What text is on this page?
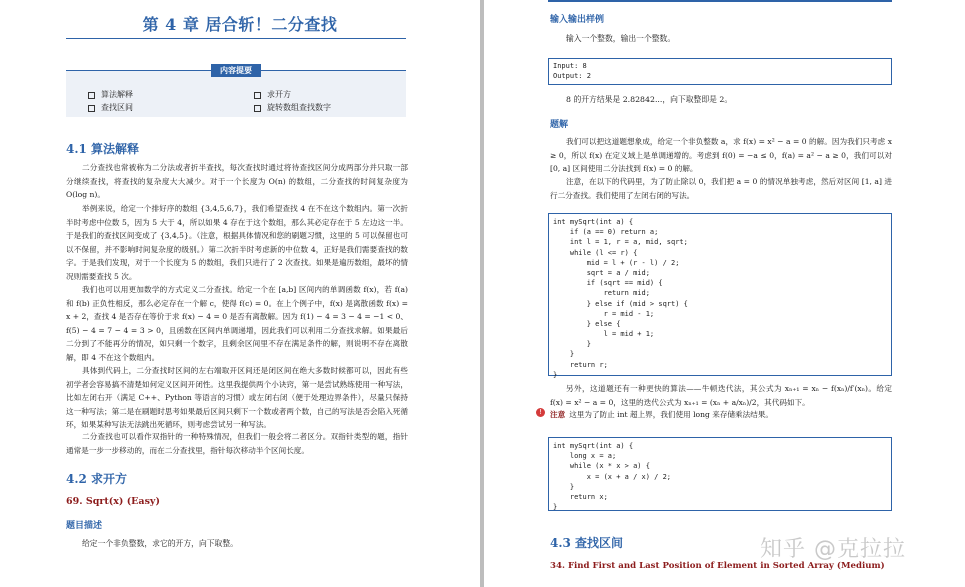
第 4 章 居合斩！二分查找
内容提要
算法解释	求开方
查找区间	旋转数组查找数字
4.1 算法解释
二分查找也常被称为二分法或者折半查找，每次查找时通过将待查找区间分成两部分并只取一部分继续查找，将查找的复杂度大大减少。对于一个长度为 O(n) 的数组，二分查找的时间复杂度为 O(log n)。
举例来说，给定一个排好序的数组 {3,4,5,6,7}，我们希望查找 4 在不在这个数组内。第一次折半时考虑中位数 5，因为 5 大于 4，所以如果 4 存在于这个数组，那么其必定存在于 5 左边这一半。于是我们的查找区间变成了 {3,4,5}。（注意，根据具体情况和您的刷题习惯，这里的 5 可以保留也可以不保留，并不影响时间复杂度的级别。）第二次折半时考虑新的中位数 4，正好是我们需要查找的数字。于是我们发现，对于一个长度为 5 的数组，我们只进行了 2 次查找。如果是遍历数组，最坏的情况则需要查找 5 次。
我们也可以用更加数学的方式定义二分查找。给定一个在 [a,b] 区间内的单调函数 f(x)，若 f(a) 和 f(b) 正负性相反，那么必定存在一个解 c，使得 f(c) = 0。在上个例子中，f(x) 是离散函数 f(x) = x + 2，查找 4 是否存在等价于求 f(x) − 4 = 0 是否有离散解。因为 f(1) − 4 = 3 − 4 = −1 < 0、f(5) − 4 = 7 − 4 = 3 > 0，且函数在区间内单调递增，因此我们可以利用二分查找求解。如果最后二分到了不能再分的情况，如只剩一个数字，且剩余区间里不存在满足条件的解，则说明不存在离散解，即 4 不在这个数组内。
具体到代码上，二分查找时区间的左右端取开区间还是闭区间在绝大多数时候都可以，因此有些初学者会容易搞不清楚如何定义区间开闭性。这里我提供两个小诀窍，第一是尝试熟练使用一种写法，比如左闭右开（满足 C++、Python 等语言的习惯）或左闭右闭（便于处理边界条件），尽量只保持这一种写法；第二是在刷题时思考如果最后区间只剩下一个数或者两个数，自己的写法是否会陷入死循环，如果某种写法无法跳出死循环，则考虑尝试另一种写法。
二分查找也可以看作双指针的一种特殊情况，但我们一般会将二者区分。双指针类型的题，指针通常是一步一步移动的，而在二分查找里，指针每次移动半个区间长度。
4.2 求开方
69. Sqrt(x) (Easy)
题目描述
给定一个非负整数，求它的开方，向下取整。
输入输出样例
输入一个整数，输出一个整数。
Input: 8
Output: 2
8 的开方结果是 2.82842...，向下取整即是 2。
题解
我们可以把这道题想象成，给定一个非负整数 a，求 f(x) = x² − a = 0 的解。因为我们只考虑 x ≥ 0，所以 f(x) 在定义域上是单调递增的。考虑到 f(0) = −a ≤ 0，f(a) = a² − a ≥ 0，我们可以对 [0, a] 区间使用二分法找到 f(x) = 0 的解。
注意，在以下的代码里，为了防止除以 0，我们把 a = 0 的情况单独考虑，然后对区间 [1, a] 进行二分查找。我们使用了左闭右闭的写法。
int mySqrt(int a) {
if (a == 0) return a;
int l = 1, r = a, mid, sqrt;
while (l <= r) {
mid = l + (r - l) / 2;
sqrt = a / mid;
if (sqrt == mid) {
return mid;
} else if (mid > sqrt) {
r = mid - 1;
} else {
l = mid + 1;
}
}
return r;
}
另外，这道题还有一种更快的算法——牛顿迭代法，其公式为 xₙ₊₁ = xₙ − f(xₙ)/f′(xₙ)。给定 f(x) = x² − a = 0，这里的迭代公式为 xₙ₊₁ = (xₙ + a/xₙ)/2，其代码如下。
!	注意 这里为了防止 int 超上界，我们使用 long 来存储乘法结果。
int mySqrt(int a) {
long x = a;
while (x * x > a) {
x = (x + a / x) / 2;
}
return x;
}
4.3 查找区间
34. Find First and Last Position of Element in Sorted Array (Medium)
知乎 @克拉拉
